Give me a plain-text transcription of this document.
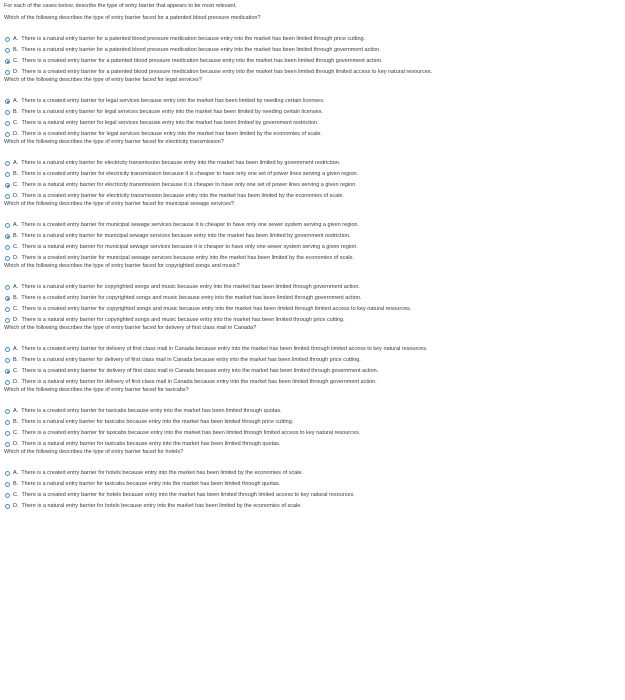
For each of the cases below, describe the type of entry barrier that appears to be most relevant.
Which of the following describes the type of entry barrier faced for a patented blood pressure medication?
A. There is a natural entry barrier for a patented blood pressure medication because entry into the market has been limited through price cutting.
B. There is a natural entry barrier for a patented blood pressure medication because entry into the market has been limited through government action.
C. There is a created entry barrier for a patented blood pressure medication because entry into the market has been limited through government action.
D. There is a created entry barrier for a patented blood pressure medication because entry into the market has been limited through limited access to key natural resources.
Which of the following describes the type of entry barrier faced for legal services?
A. There is a created entry barrier for legal services because entry into the market has been limited by needing certain licenses.
B. There is a natural entry barrier for legal services because entry into the market has been limited by needing certain licenses.
C. There is a natural entry barrier for legal services because entry into the market has been limited by government restriction.
D. There is a created entry barrier for legal services because entry into the market has been limited by the economies of scale.
Which of the following describes the type of entry barrier faced for electricity transmission?
A. There is a natural entry barrier for electricity transmission because entry into the market has been limited by government restriction.
B. There is a created entry barrier for electricity transmission because it is cheaper to have only one set of power lines serving a given region.
C. There is a natural entry barrier for electricity transmission because it is cheaper to have only one set of power lines serving a given region.
D. There is a created entry barrier for electricity transmission because entry into the market has been limited by the economies of scale.
Which of the following describes the type of entry barrier faced for municipal sewage services?
A. There is a created entry barrier for municipal sewage services because it is cheaper to have only one sewer system serving a given region.
B. There is a natural entry barrier for municipal sewage services because entry into the market has been limited by government restriction.
C. There is a natural entry barrier for municipal sewage services because it is cheaper to have only one sewer system serving a given region.
D. There is a created entry barrier for municipal sewage services because entry into the market has been limited by the economies of scale.
Which of the following describes the type of entry barrier faced for copyrighted songs and music?
A. There is a natural entry barrier for copyrighted songs and music because entry into the market has been limited through government action.
B. There is a created entry barrier for copyrighted songs and music because entry into the market has been limited through government action.
C. There is a created entry barrier for copyrighted songs and music because entry into the market has been limited through limited access to key natural resources.
D. There is a natural entry barrier for copyrighted songs and music because entry into the market has been limited through price cutting.
Which of the following describes the type of entry barrier faced for delivery of first class mail in Canada?
A. There is a created entry barrier for delivery of first class mail in Canada because entry into the market has been limited through limited access to key natural resources.
B. There is a natural entry barrier for delivery of first class mail in Canada because entry into the market has been limited through price cutting.
C. There is a created entry barrier for delivery of first class mail in Canada because entry into the market has been limited through government action.
D. There is a natural entry barrier for delivery of first class mail in Canada because entry into the market has been limited through government action.
Which of the following describes the type of entry barrier faced for taxicabs?
A. There is a created entry barrier for taxicabs because entry into the market has been limited through quotas.
B. There is a natural entry barrier for taxicabs because entry into the market has been limited through price cutting.
C. There is a created entry barrier for taxicabs because entry into the market has been limited through limited access to key natural resources.
D. There is a natural entry barrier for taxicabs because entry into the market has been limited through quotas.
Which of the following describes the type of entry barrier faced for hotels?
A. There is a created entry barrier for hotels because entry into the market has been limited by the economies of scale.
B. There is a natural entry barrier for taxicabs because entry into the market has been limited through quotas.
C. There is a created entry barrier for hotels because entry into the market has been limited through limited access to key natural resources.
D. There is a natural entry barrier for hotels because entry into the market has been limited by the economies of scale.
